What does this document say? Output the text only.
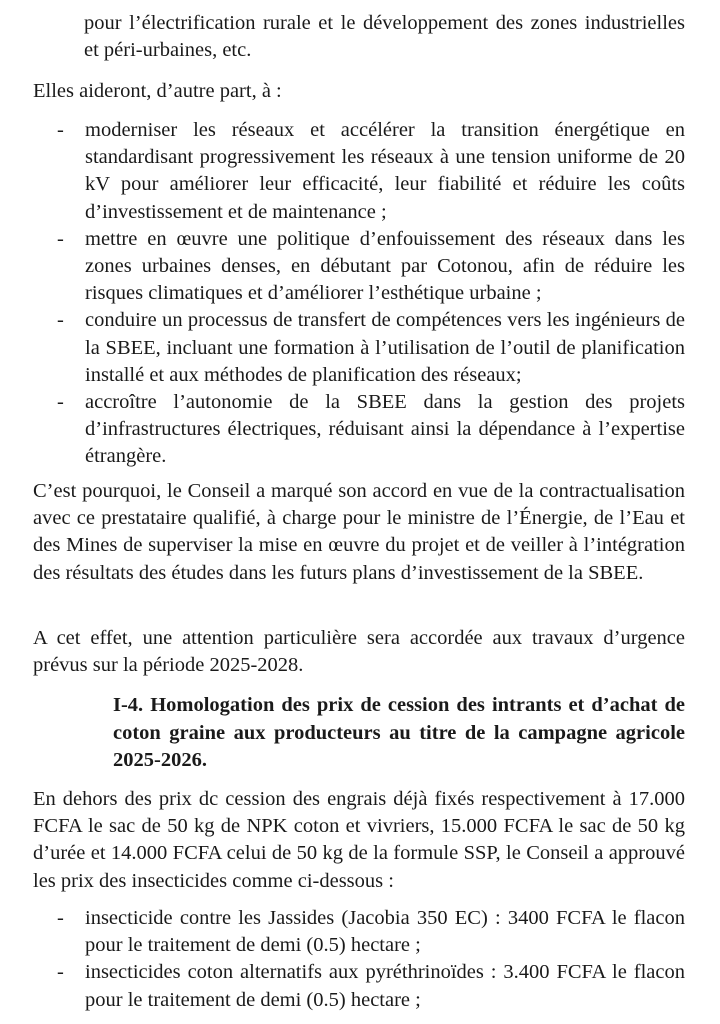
pour l’électrification rurale et le développement des zones industrielles et péri-urbaines, etc.

Elles aideront, d’autre part, à :

- moderniser les réseaux et accélérer la transition énergétique en standardisant progressivement les réseaux à une tension uniforme de 20 kV pour améliorer leur efficacité, leur fiabilité et réduire les coûts d’investissement et de maintenance ;
- mettre en œuvre une politique d’enfouissement des réseaux dans les zones urbaines denses, en débutant par Cotonou, afin de réduire les risques climatiques et d’améliorer l’esthétique urbaine ;
- conduire un processus de transfert de compétences vers les ingénieurs de la SBEE, incluant une formation à l’utilisation de l’outil de planification installé et aux méthodes de planification des réseaux;
- accroître l’autonomie de la SBEE dans la gestion des projets d’infrastructures électriques, réduisant ainsi la dépendance à l’expertise étrangère.

C’est pourquoi, le Conseil a marqué son accord en vue de la contractualisation avec ce prestataire qualifié, à charge pour le ministre de l’Énergie, de l’Eau et des Mines de superviser la mise en œuvre du projet et de veiller à l’intégration des résultats des études dans les futurs plans d’investissement de la SBEE.

A cet effet, une attention particulière sera accordée aux travaux d’urgence prévus sur la période 2025-2028.

I-4. Homologation des prix de cession des intrants et d’achat de coton graine aux producteurs au titre de la campagne agricole 2025-2026.

En dehors des prix dc cession des engrais déjà fixés respectivement à 17.000 FCFA le sac de 50 kg de NPK coton et vivriers, 15.000 FCFA le sac de 50 kg d’urée et 14.000 FCFA celui de 50 kg de la formule SSP, le Conseil a approuvé les prix des insecticides comme ci-dessous :

- insecticide contre les Jassides (Jacobia 350 EC) : 3400 FCFA le flacon pour le traitement de demi (0.5) hectare ;
- insecticides coton alternatifs aux pyréthrinoïdes : 3.400 FCFA le flacon pour le traitement de demi (0.5) hectare ;
